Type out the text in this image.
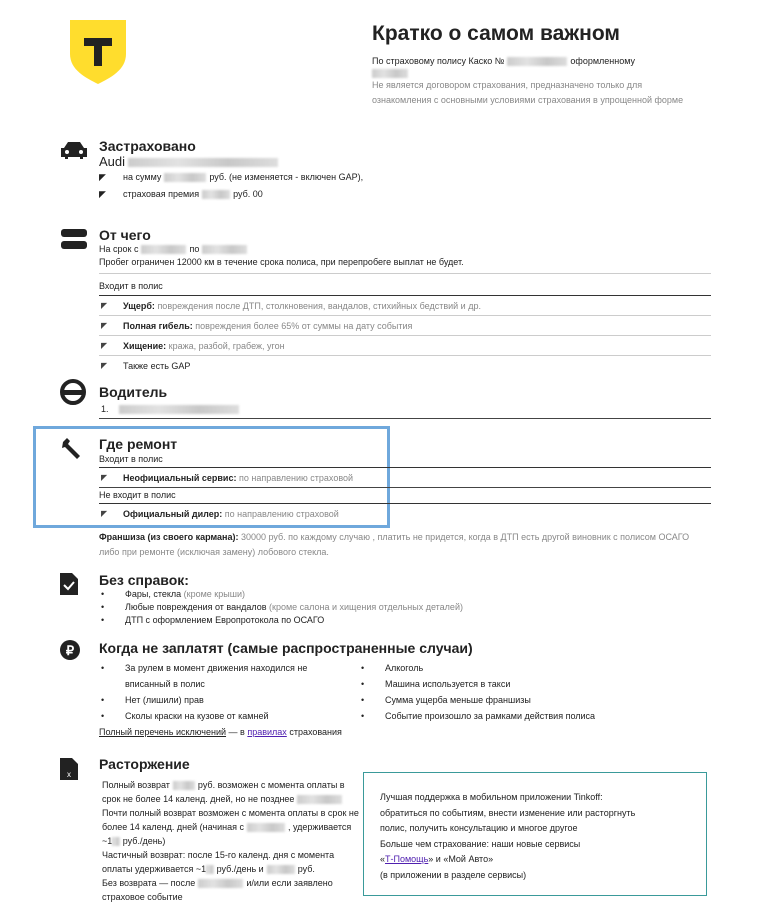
Кратко о самом важном
По страховому полису Каско №	оформленному
Не является договором страхования, предназначено только для ознакомления с основными условиями страхования в упрощенной форме
Застраховано
Audi
◤ на сумму	руб. (не изменяется - включен GAP),
◤ страховая премия	руб. 00
От чего
На срок с	по
Пробег ограничен 12000 км в течение срока полиса, при перепробеге выплат не будет.
Входит в полис
◤ Ущерб: повреждения после ДТП, столкновения, вандалов, стихийных бедствий и др.
◤ Полная гибель: повреждения более 65% от суммы на дату события
◤ Хищение: кража, разбой, грабеж, угон
◤ Также есть GAP
Водитель
1.
Где ремонт
Входит в полис
◤ Неофициальный сервис: по направлению страховой
Не входит в полис
◤ Официальный дилер: по направлению страховой
Франшиза (из своего кармана): 30000 руб. по каждому случаю , платить не придется, когда в ДТП есть другой виновник с полисом ОСАГО либо при ремонте (исключая замену) лобового стекла.
Без справок:
• Фары, стекла (кроме крыши)
• Любые повреждения от вандалов (кроме салона и хищения отдельных деталей)
• ДТП с оформлением Европротокола по ОСАГО
₽ Когда не заплатят (самые распространенные случаи)
• За рулем в момент движения находился не вписанный в полис
• Нет (лишили) прав
• Сколы краски на кузове от камней
• Алкоголь
• Машина используется в такси
• Сумма ущерба меньше франшизы
• Событие произошло за рамками действия полиса
Полный перечень исключений — в правилах страхования
x
Расторжение
Полный возврат	руб. возможен с момента оплаты в срок не более 14 календ. дней, но не позднее
Почти полный возврат возможен с момента оплаты в срок не более 14 календ. дней (начиная с	, удерживается ~1 руб./день)
Частичный возврат: после 15-го календ. дня с момента оплаты удерживается ~1 руб./день и	руб.
Без возврата — после	и/или если заявлено страховое событие
Лучшая поддержка в мобильном приложении Tinkoff:
обратиться по событиям, внести изменение или расторгнуть
полис, получить консультацию и многое другое
Больше чем страхование: наши новые сервисы
«Т-Помощь» и «Мой Авто»
(в приложении в разделе сервисы)
